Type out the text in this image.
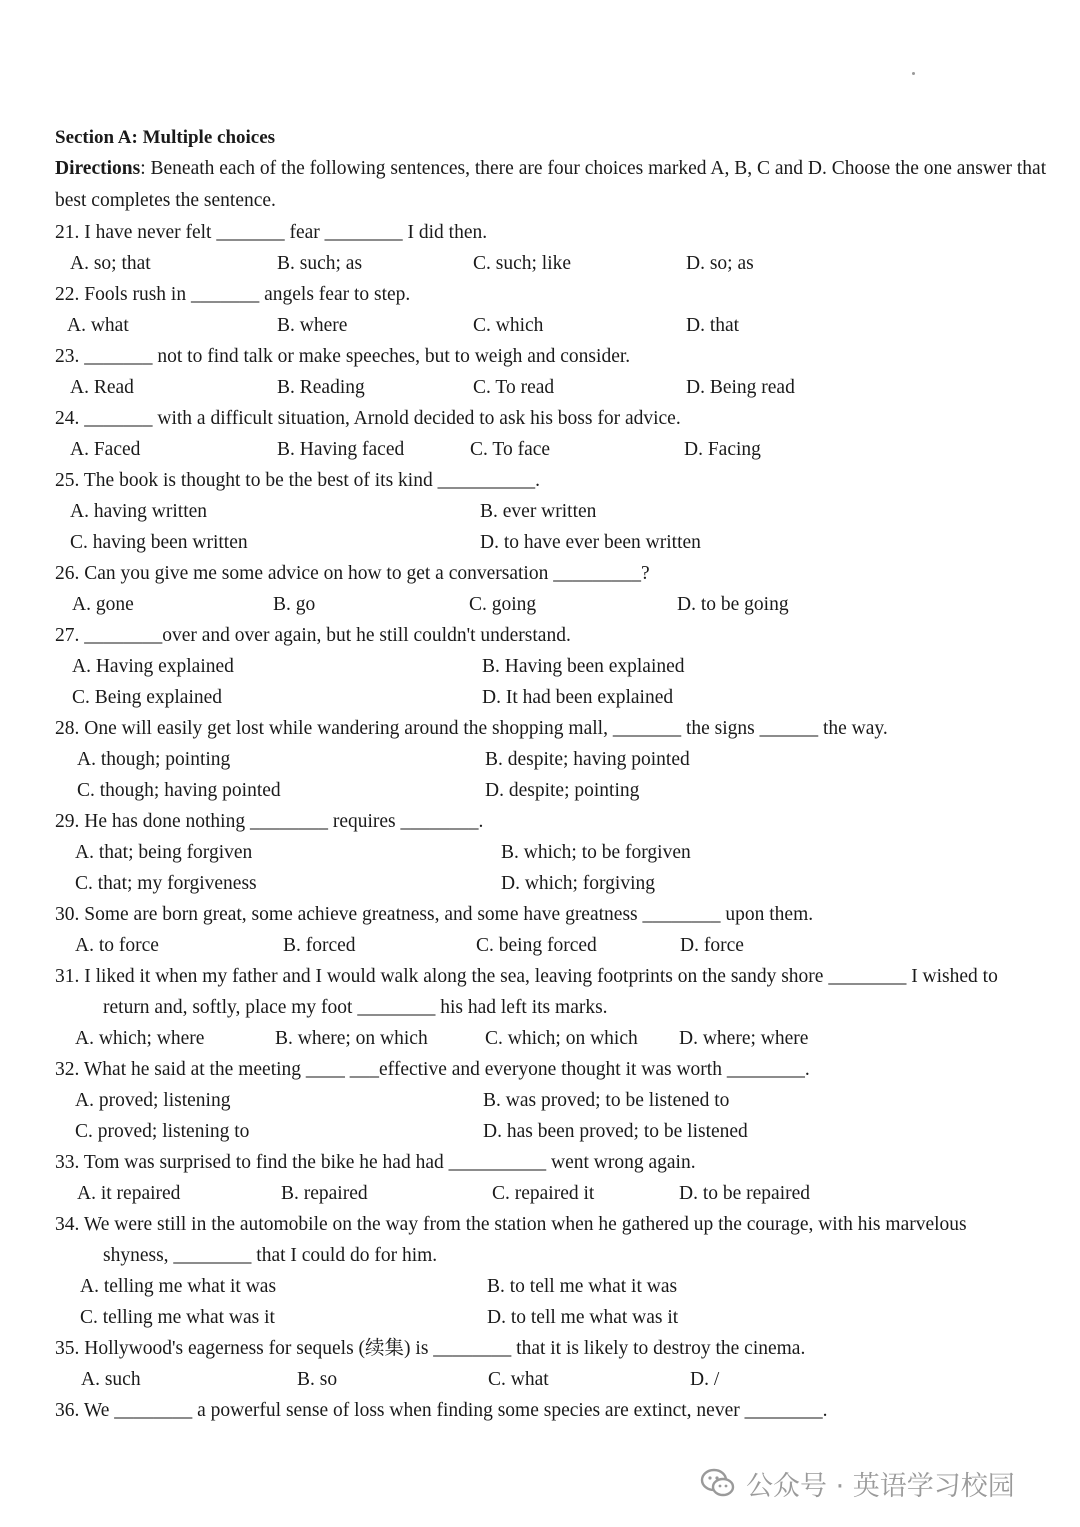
Section A: Multiple choices
Directions: Beneath each of the following sentences, there are four choices marked A, B, C and D. Choose the one answer that best completes the sentence.
21. I have never felt _______ fear ________ I did then.
A. so; that	B. such; as	C. such; like	D. so; as
22. Fools rush in _______ angels fear to step.
A. what	B. where	C. which	D. that
23. _______ not to find talk or make speeches, but to weigh and consider.
A. Read	B. Reading	C. To read	D. Being read
24. _______ with a difficult situation, Arnold decided to ask his boss for advice.
A. Faced	B. Having faced	C. To face	D. Facing
25. The book is thought to be the best of its kind __________.
A. having written	B. ever written
C. having been written	D. to have ever been written
26. Can you give me some advice on how to get a conversation _________?
A. gone	B. go	C. going	D. to be going
27. ________over and over again, but he still couldn't understand.
A. Having explained	B. Having been explained
C. Being explained	D. It had been explained
28. One will easily get lost while wandering around the shopping mall, _______ the signs ______ the way.
A. though; pointing	B. despite; having pointed
C. though; having pointed	D. despite; pointing
29. He has done nothing ________ requires ________.
A. that; being forgiven	B. which; to be forgiven
C. that; my forgiveness	D. which; forgiving
30. Some are born great, some achieve greatness, and some have greatness ________ upon them.
A. to force	B. forced	C. being forced	D. force
31. I liked it when my father and I would walk along the sea, leaving footprints on the sandy shore ________ I wished to
return and, softly, place my foot ________ his had left its marks.
A. which; where	B. where; on which	C. which; on which D. where; where
32. What he said at the meeting ____ ___effective and everyone thought it was worth ________.
A. proved; listening	B. was proved; to be listened to
C. proved; listening to	D. has been proved; to be listened
33. Tom was surprised to find the bike he had had __________ went wrong again.
A. it repaired	B. repaired	C. repaired it	D. to be repaired
34. We were still in the automobile on the way from the station when he gathered up the courage, with his marvelous
shyness, ________ that I could do for him.
A. telling me what it was	B. to tell me what it was
C. telling me what was it	D. to tell me what was it
35. Hollywood's eagerness for sequels (续集) is ________ that it is likely to destroy the cinema.
A. such	B. so	C. what	D. /
36. We ________ a powerful sense of loss when finding some species are extinct, never ________.
公众号 · 英语学习校园
